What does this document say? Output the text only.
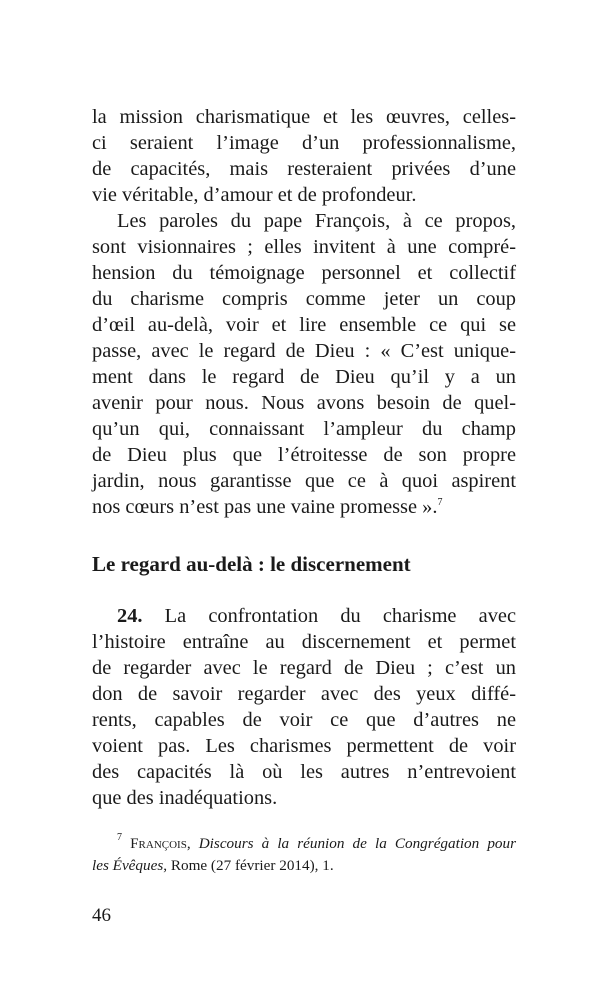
la mission charismatique et les œuvres, celles-
ci seraient l’image d’un professionnalisme,
de capacités, mais resteraient privées d’une
vie véritable, d’amour et de profondeur.
Les paroles du pape François, à ce propos,
sont visionnaires ; elles invitent à une compré-
hension du témoignage personnel et collectif
du charisme compris comme jeter un coup
d’œil au-delà, voir et lire ensemble ce qui se
passe, avec le regard de Dieu : « C’est unique-
ment dans le regard de Dieu qu’il y a un
avenir pour nous. Nous avons besoin de quel-
qu’un qui, connaissant l’ampleur du champ
de Dieu plus que l’étroitesse de son propre
jardin, nous garantisse que ce à quoi aspirent
nos cœurs n’est pas une vaine promesse ».$^7$
Le regard au-delà : le discernement
24. La confrontation du charisme avec
l’histoire entraîne au discernement et permet
de regarder avec le regard de Dieu ; c’est un
don de savoir regarder avec des yeux diffé-
rents, capables de voir ce que d’autres ne
voient pas. Les charismes permettent de voir
des capacités là où les autres n’entrevoient
que des inadéquations.
$^7$ François, Discours à la réunion de la Congrégation pour
les Évêques, Rome (27 février 2014), 1.
46
